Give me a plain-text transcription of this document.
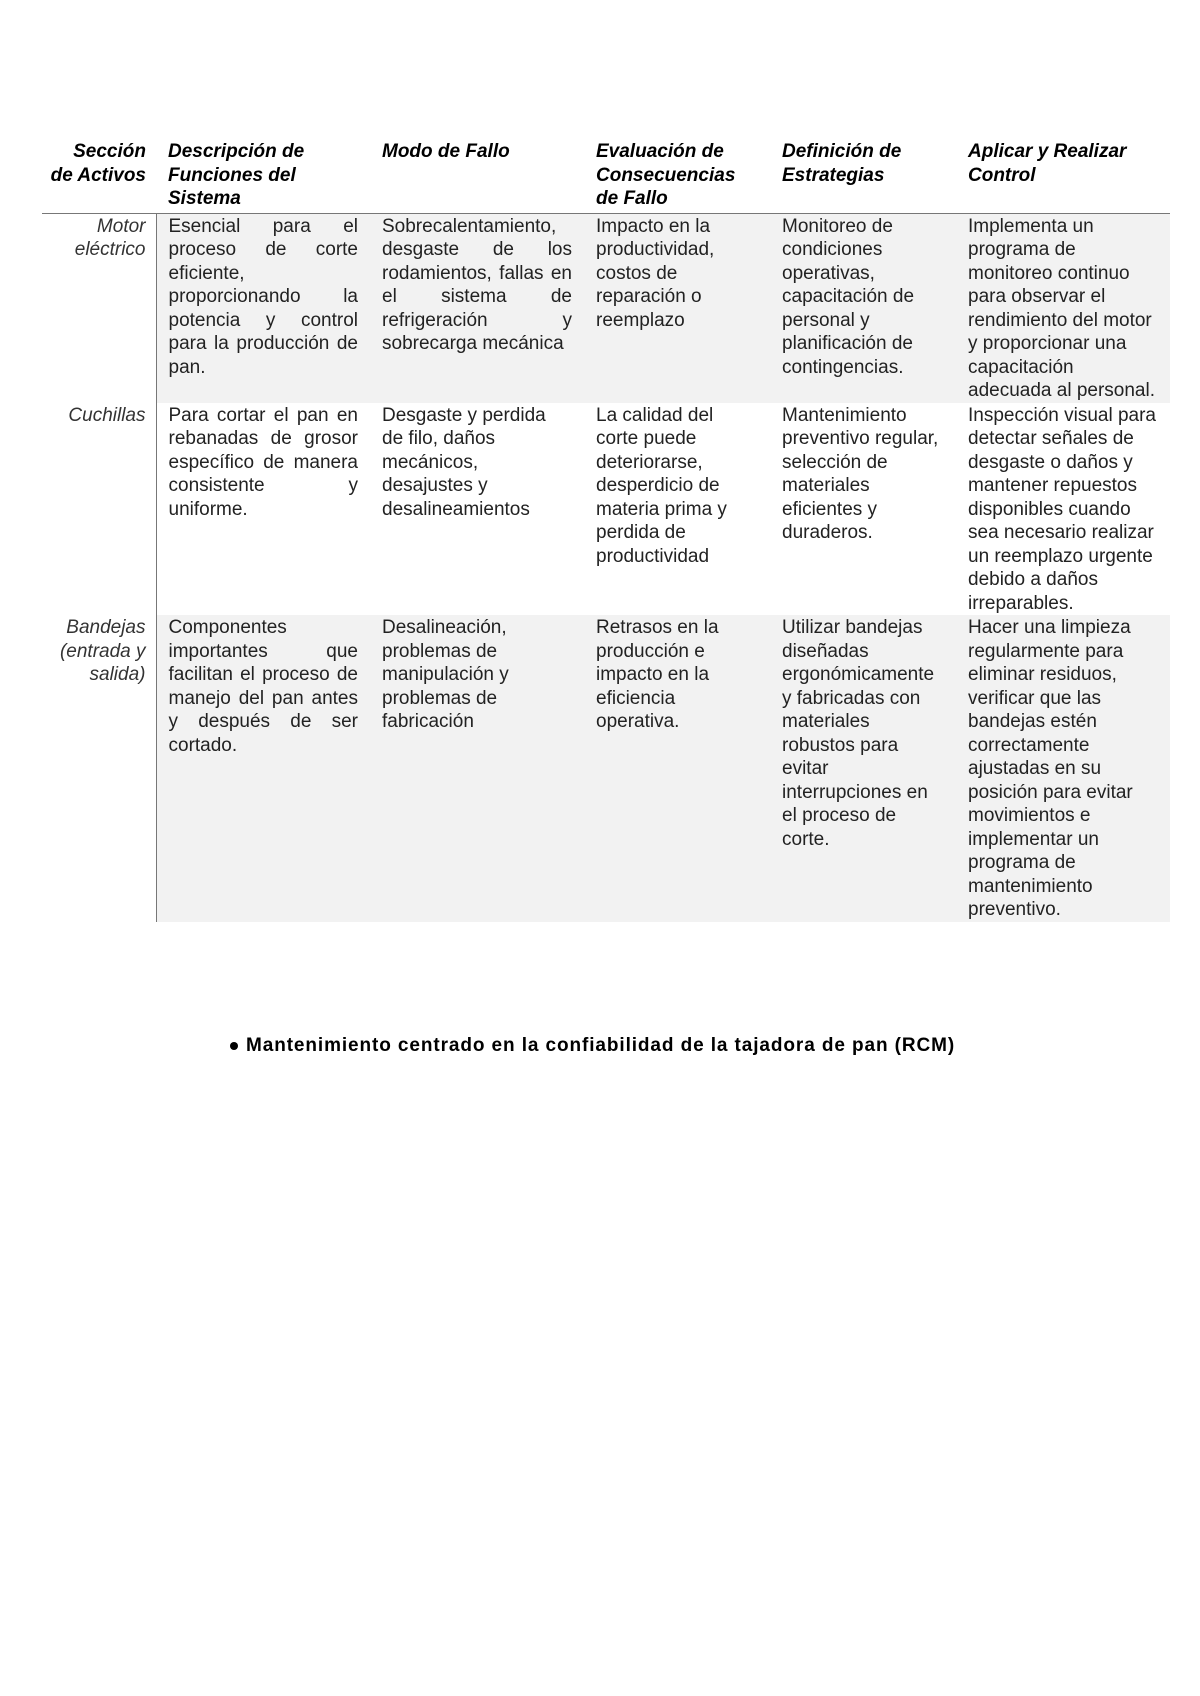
Sección de Activos	Descripción de Funciones del Sistema	Modo de Fallo	Evaluación de Consecuencias de Fallo	Definición de Estrategias	Aplicar y Realizar Control
Motor eléctrico	Esencial para el proceso de corte eficiente, proporcionando la potencia y control para la producción de pan.	Sobrecalentamiento, desgaste de los rodamientos, fallas en el sistema de refrigeración y sobrecarga mecánica	Impacto en la productividad, costos de reparación o reemplazo	Monitoreo de condiciones operativas, capacitación de personal y planificación de contingencias.	Implementa un programa de monitoreo continuo para observar el rendimiento del motor y proporcionar una capacitación adecuada al personal.
Cuchillas	Para cortar el pan en rebanadas de grosor específico de manera consistente y uniforme.	Desgaste y perdida de filo, daños mecánicos, desajustes y desalineamientos	La calidad del corte puede deteriorarse, desperdicio de materia prima y perdida de productividad	Mantenimiento preventivo regular, selección de materiales eficientes y duraderos.	Inspección visual para detectar señales de desgaste o daños y mantener repuestos disponibles cuando sea necesario realizar un reemplazo urgente debido a daños irreparables.
Bandejas (entrada y salida)	Componentes importantes que facilitan el proceso de manejo del pan antes y después de ser cortado.	Desalineación, problemas de manipulación y problemas de fabricación	Retrasos en la producción e impacto en la eficiencia operativa.	Utilizar bandejas diseñadas ergonómicamente y fabricadas con materiales robustos para evitar interrupciones en el proceso de corte.	Hacer una limpieza regularmente para eliminar residuos, verificar que las bandejas estén correctamente ajustadas en su posición para evitar movimientos e implementar un programa de mantenimiento preventivo.
Mantenimiento centrado en la confiabilidad de la tajadora de pan (RCM)
